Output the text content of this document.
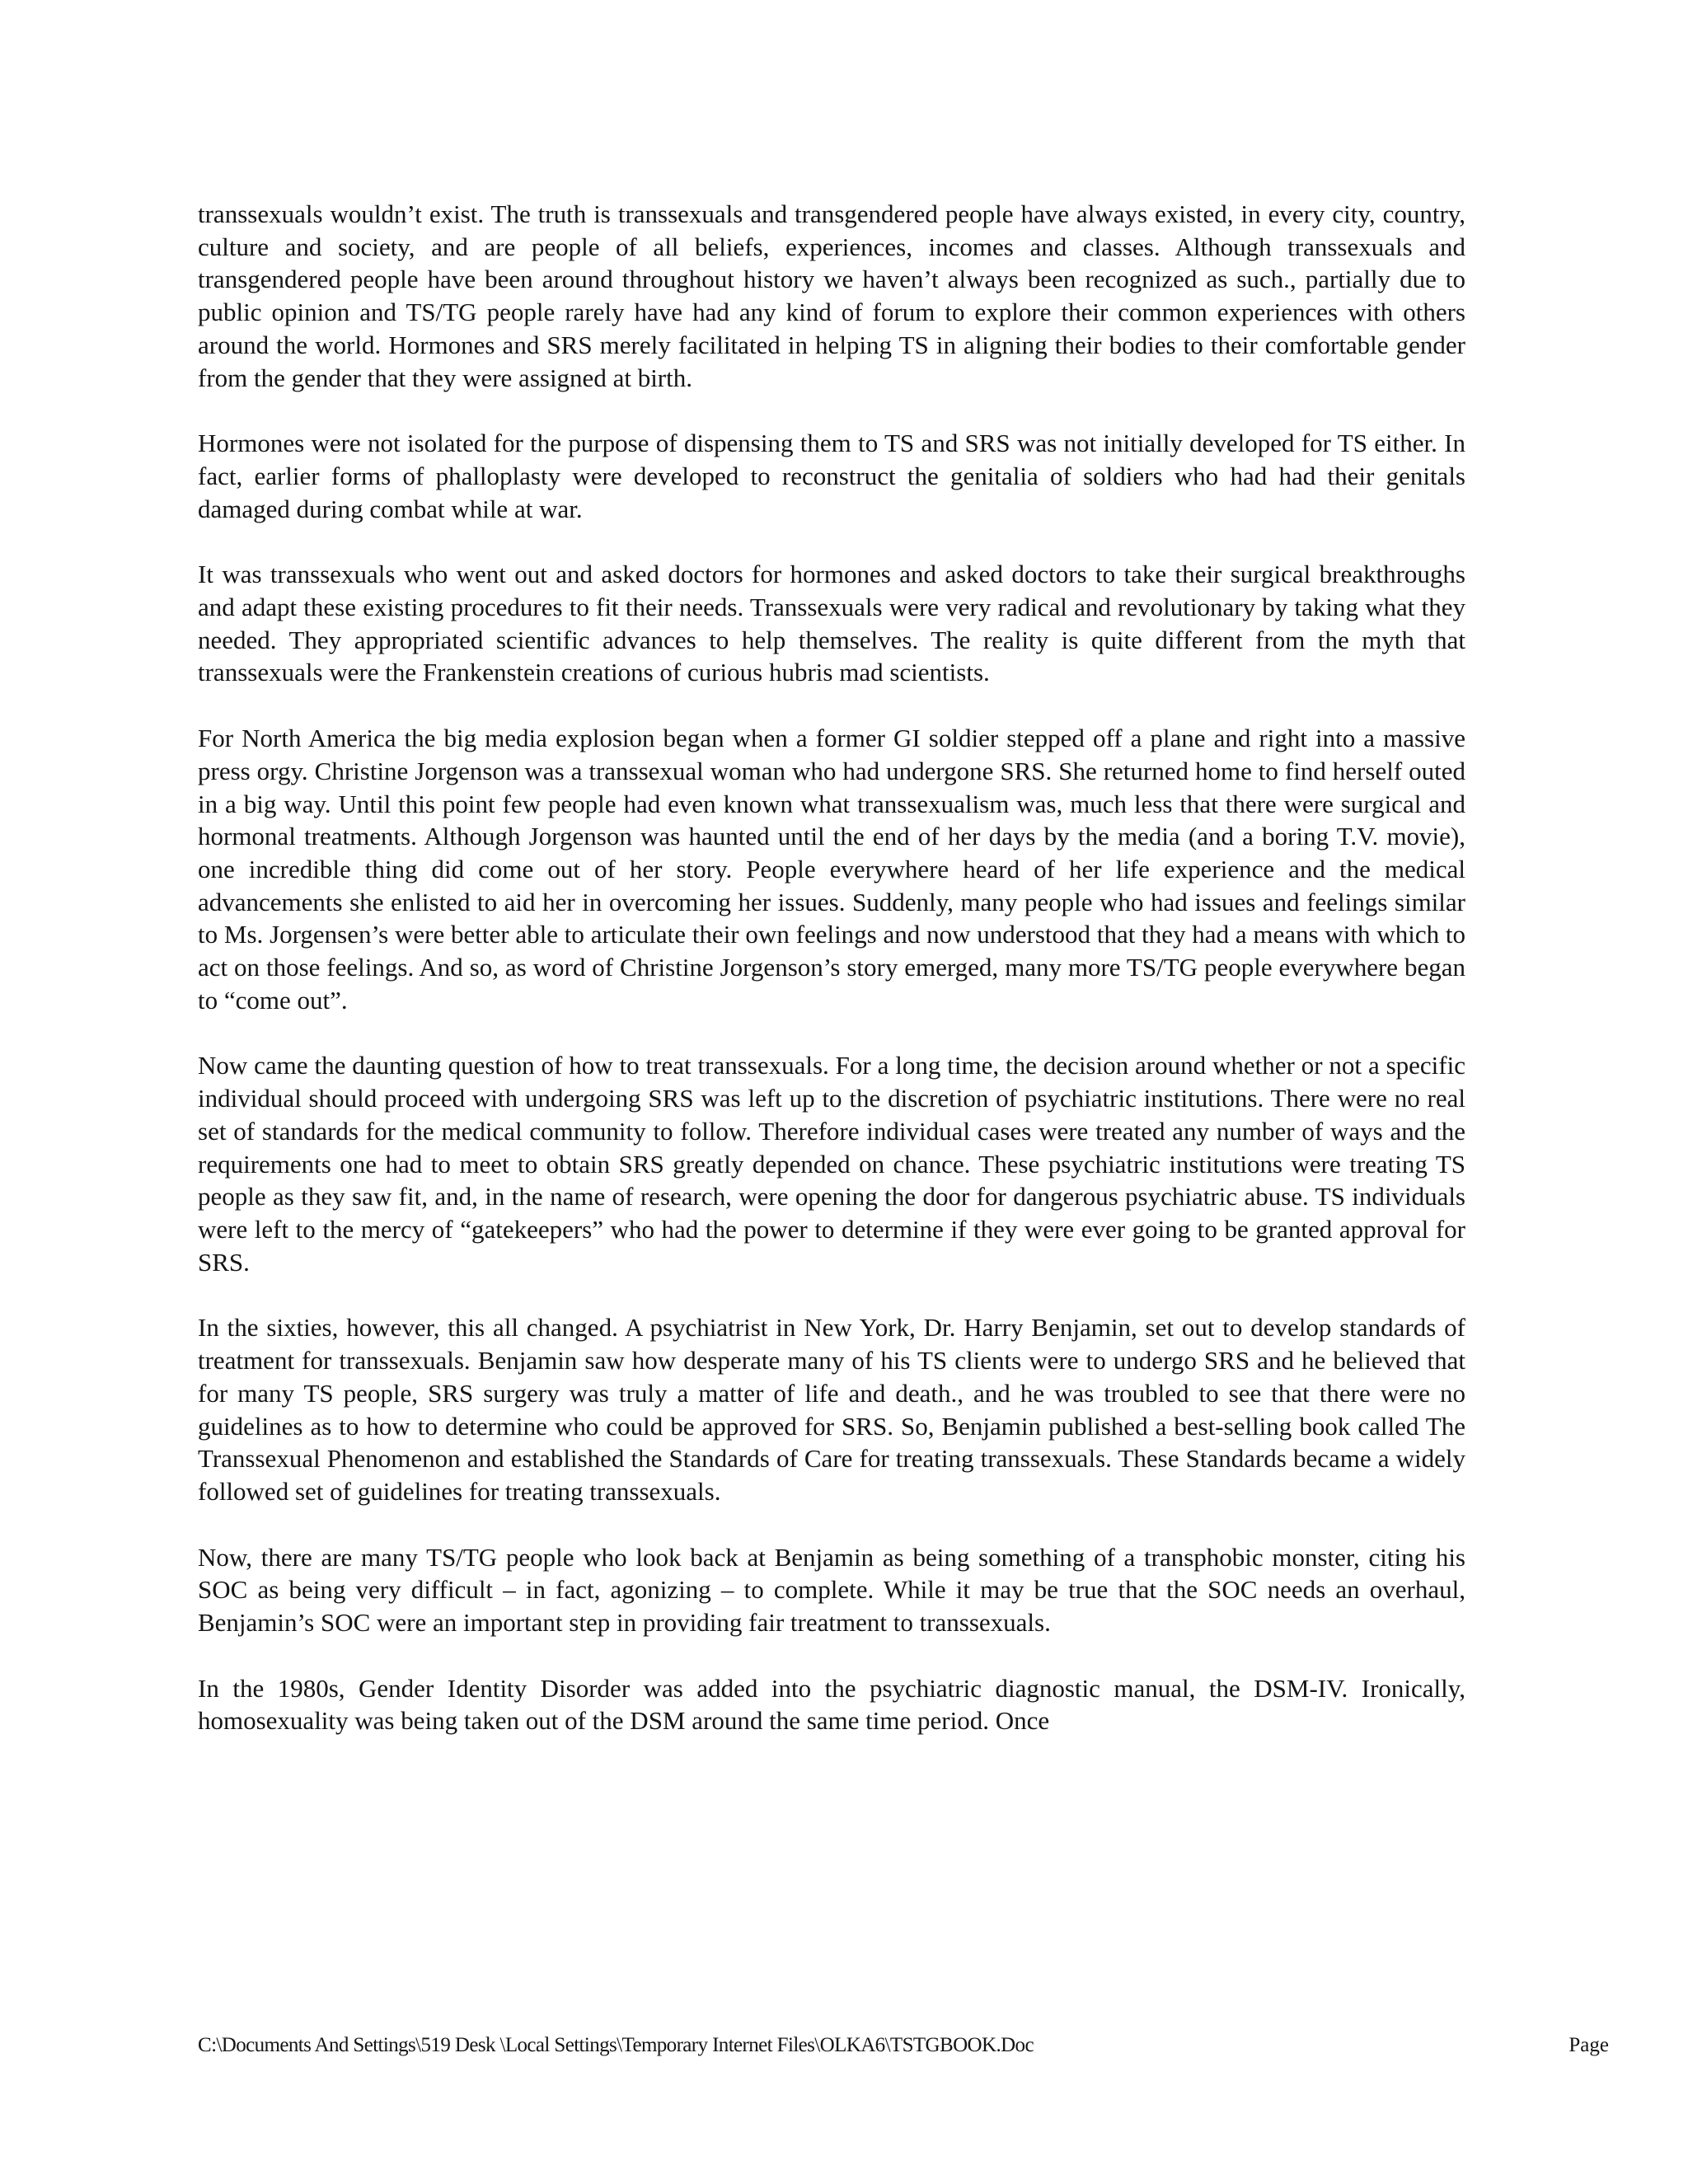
transsexuals wouldn’t exist. The truth is transsexuals and transgendered people have always existed, in every city, country, culture and society, and are people of all beliefs, experiences, incomes and classes. Although transsexuals and transgendered people have been around throughout history we haven’t always been recognized as such., partially due to public opinion and TS/TG people rarely have had any kind of forum to explore their common experiences with others around the world. Hormones and SRS merely facilitated in helping TS in aligning their bodies to their comfortable gender from the gender that they were assigned at birth.

Hormones were not isolated for the purpose of dispensing them to TS and SRS was not initially developed for TS either. In fact, earlier forms of phalloplasty were developed to reconstruct the genitalia of soldiers who had had their genitals damaged during combat while at war.

It was transsexuals who went out and asked doctors for hormones and asked doctors to take their surgical breakthroughs and adapt these existing procedures to fit their needs. Transsexuals were very radical and revolutionary by taking what they needed. They appropriated scientific advances to help themselves. The reality is quite different from the myth that transsexuals were the Frankenstein creations of curious hubris mad scientists.

For North America the big media explosion began when a former GI soldier stepped off a plane and right into a massive press orgy. Christine Jorgenson was a transsexual woman who had undergone SRS. She returned home to find herself outed in a big way. Until this point few people had even known what transsexualism was, much less that there were surgical and hormonal treatments. Although Jorgenson was haunted until the end of her days by the media (and a boring T.V. movie), one incredible thing did come out of her story. People everywhere heard of her life experience and the medical advancements she enlisted to aid her in overcoming her issues. Suddenly, many people who had issues and feelings similar to Ms. Jorgensen’s were better able to articulate their own feelings and now understood that they had a means with which to act on those feelings. And so, as word of Christine Jorgenson’s story emerged, many more TS/TG people everywhere began to “come out”.

Now came the daunting question of how to treat transsexuals. For a long time, the decision around whether or not a specific individual should proceed with undergoing SRS was left up to the discretion of psychiatric institutions. There were no real set of standards for the medical community to follow. Therefore individual cases were treated any number of ways and the requirements one had to meet to obtain SRS greatly depended on chance. These psychiatric institutions were treating TS people as they saw fit, and, in the name of research, were opening the door for dangerous psychiatric abuse. TS individuals were left to the mercy of “gatekeepers” who had the power to determine if they were ever going to be granted approval for SRS.

In the sixties, however, this all changed. A psychiatrist in New York, Dr. Harry Benjamin, set out to develop standards of treatment for transsexuals. Benjamin saw how desperate many of his TS clients were to undergo SRS and he believed that for many TS people, SRS surgery was truly a matter of life and death., and he was troubled to see that there were no guidelines as to how to determine who could be approved for SRS. So, Benjamin published a best-selling book called The Transsexual Phenomenon and established the Standards of Care for treating transsexuals. These Standards became a widely followed set of guidelines for treating transsexuals.

Now, there are many TS/TG people who look back at Benjamin as being something of a transphobic monster, citing his SOC as being very difficult – in fact, agonizing – to complete. While it may be true that the SOC needs an overhaul, Benjamin’s SOC were an important step in providing fair treatment to transsexuals.

In the 1980s, Gender Identity Disorder was added into the psychiatric diagnostic manual, the DSM-IV. Ironically, homosexuality was being taken out of the DSM around the same time period. Once

C:\Documents And Settings\519 Desk \Local Settings\Temporary Internet Files\OLKA6\TSTGBOOK.Doc	Page
